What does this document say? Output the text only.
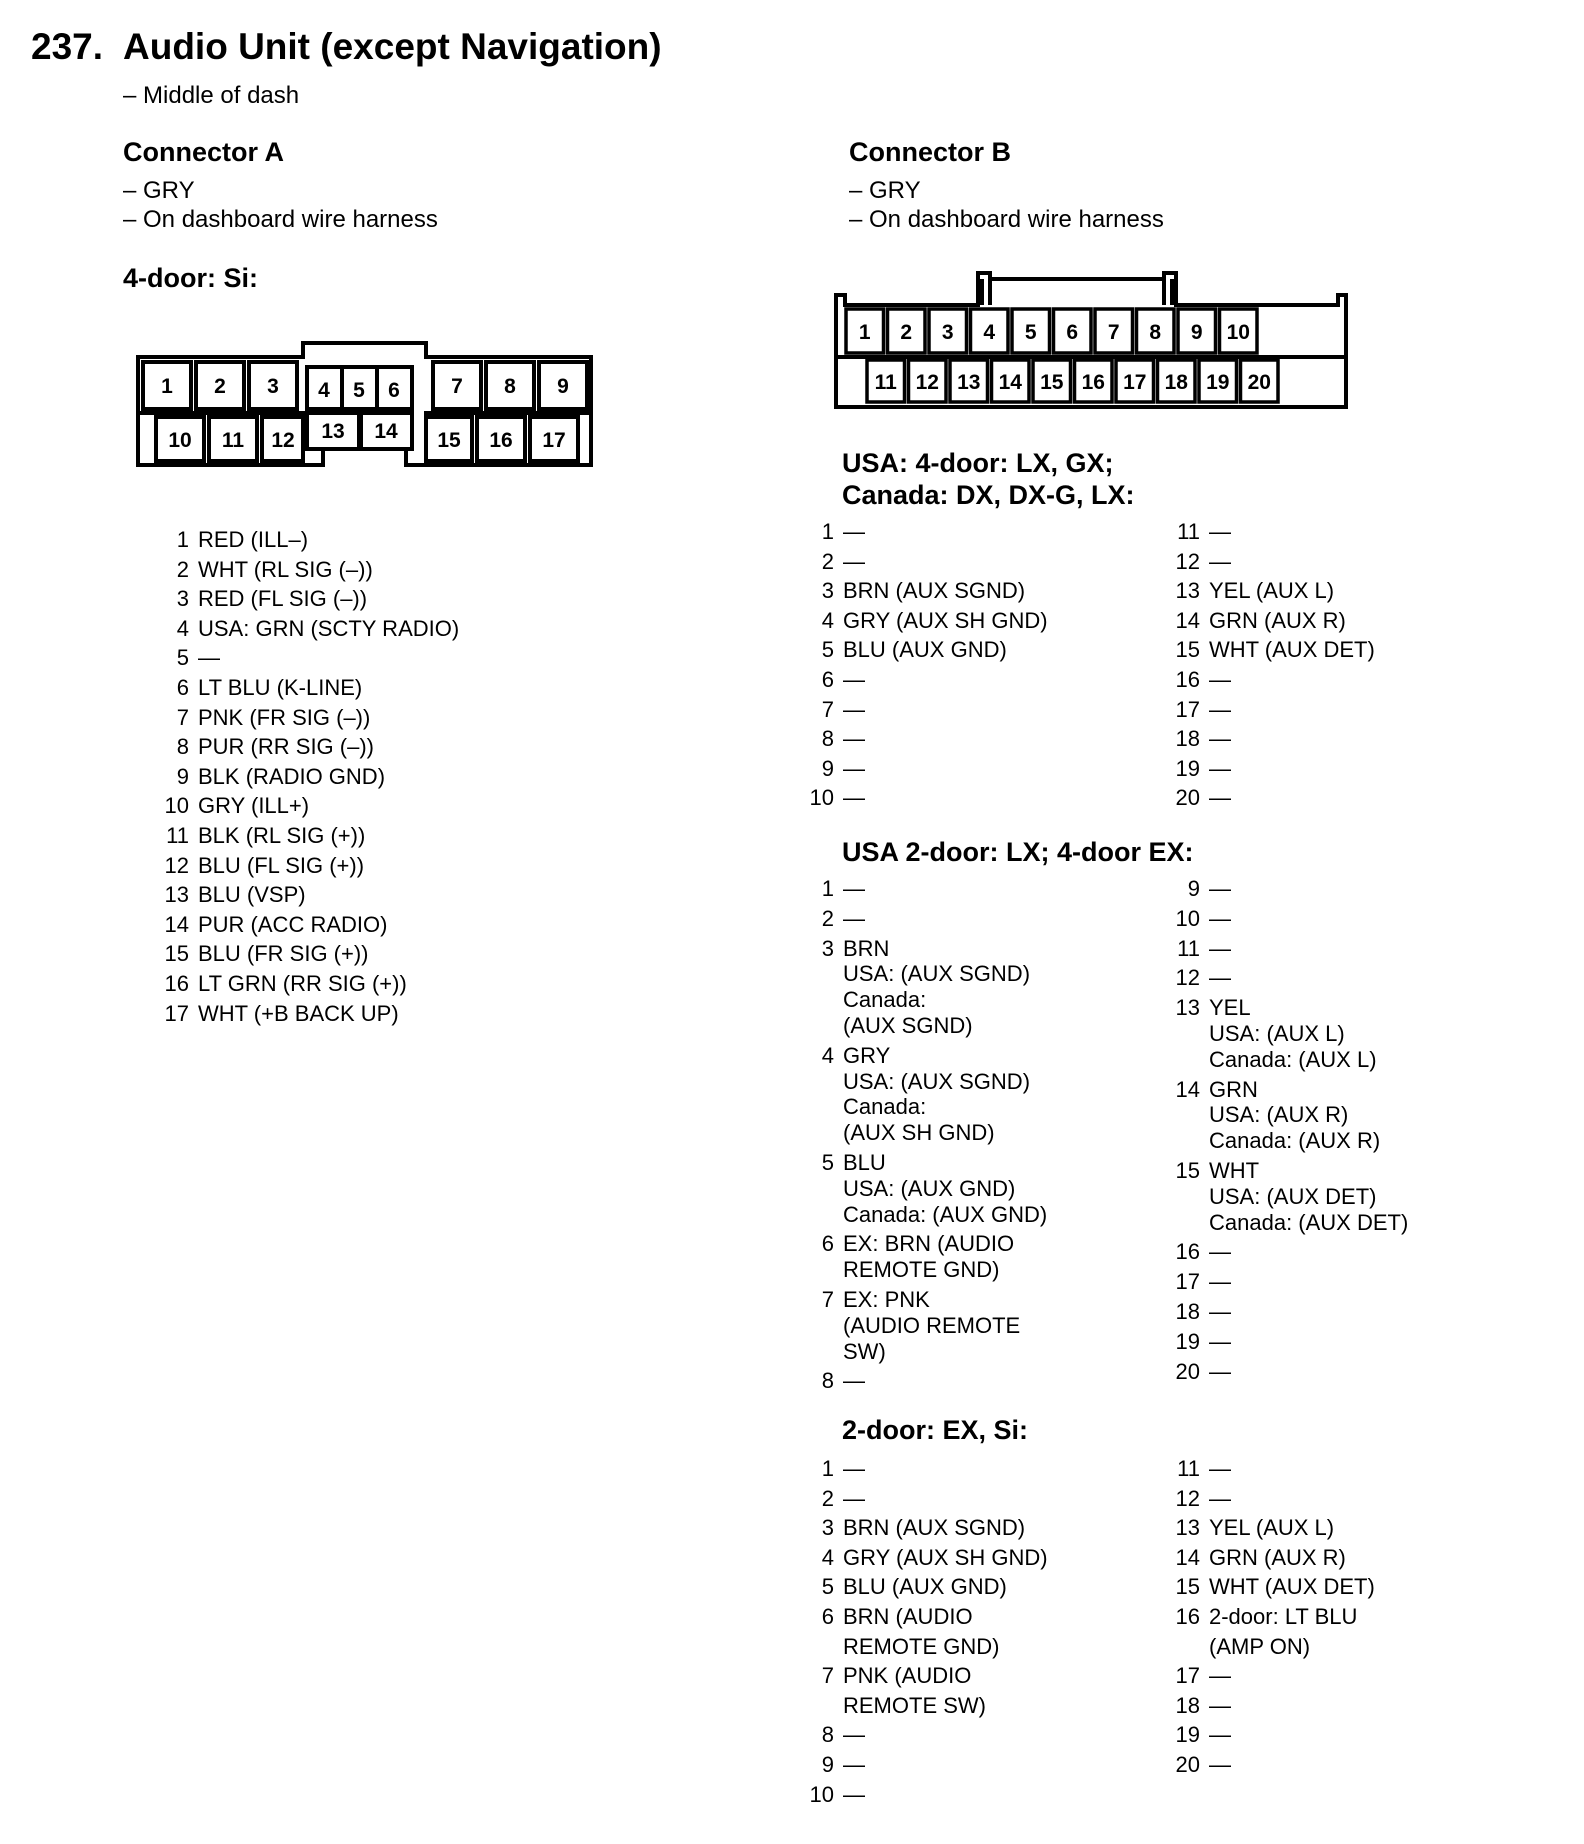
237. Audio Unit (except Navigation)
– Middle of dash
Connector A
– GRY
– On dashboard wire harness
4-door: Si:
1 2 3 4 5 6 7 8 9
10 11 12 13 14 15 16 17
1 RED (ILL–)
2 WHT (RL SIG (–))
3 RED (FL SIG (–))
4 USA: GRN (SCTY RADIO)
5 —
6 LT BLU (K-LINE)
7 PNK (FR SIG (–))
8 PUR (RR SIG (–))
9 BLK (RADIO GND)
10 GRY (ILL+)
11 BLK (RL SIG (+))
12 BLU (FL SIG (+))
13 BLU (VSP)
14 PUR (ACC RADIO)
15 BLU (FR SIG (+))
16 LT GRN (RR SIG (+))
17 WHT (+B BACK UP)
Connector B
– GRY
– On dashboard wire harness
1 2 3 4 5 6 7 8 9 10
11 12 13 14 15 16 17 18 19 20
USA: 4-door: LX, GX;
Canada: DX, DX-G, LX:
1 —
2 —
3 BRN (AUX SGND)
4 GRY (AUX SH GND)
5 BLU (AUX GND)
6 —
7 —
8 —
9 —
10 —
11 —
12 —
13 YEL (AUX L)
14 GRN (AUX R)
15 WHT (AUX DET)
16 —
17 —
18 —
19 —
20 —
USA 2-door: LX; 4-door EX:
1 —
2 —
3 BRN
USA: (AUX SGND)
Canada:
(AUX SGND)
4 GRY
USA: (AUX SGND)
Canada:
(AUX SH GND)
5 BLU
USA: (AUX GND)
Canada: (AUX GND)
6 EX: BRN (AUDIO
REMOTE GND)
7 EX: PNK
(AUDIO REMOTE
SW)
8 —
9 —
10 —
11 —
12 —
13 YEL
USA: (AUX L)
Canada: (AUX L)
14 GRN
USA: (AUX R)
Canada: (AUX R)
15 WHT
USA: (AUX DET)
Canada: (AUX DET)
16 —
17 —
18 —
19 —
20 —
2-door: EX, Si:
1 —
2 —
3 BRN (AUX SGND)
4 GRY (AUX SH GND)
5 BLU (AUX GND)
6 BRN (AUDIO
REMOTE GND)
7 PNK (AUDIO
REMOTE SW)
8 —
9 —
10 —
11 —
12 —
13 YEL (AUX L)
14 GRN (AUX R)
15 WHT (AUX DET)
16 2-door: LT BLU
(AMP ON)
17 —
18 —
19 —
20 —
